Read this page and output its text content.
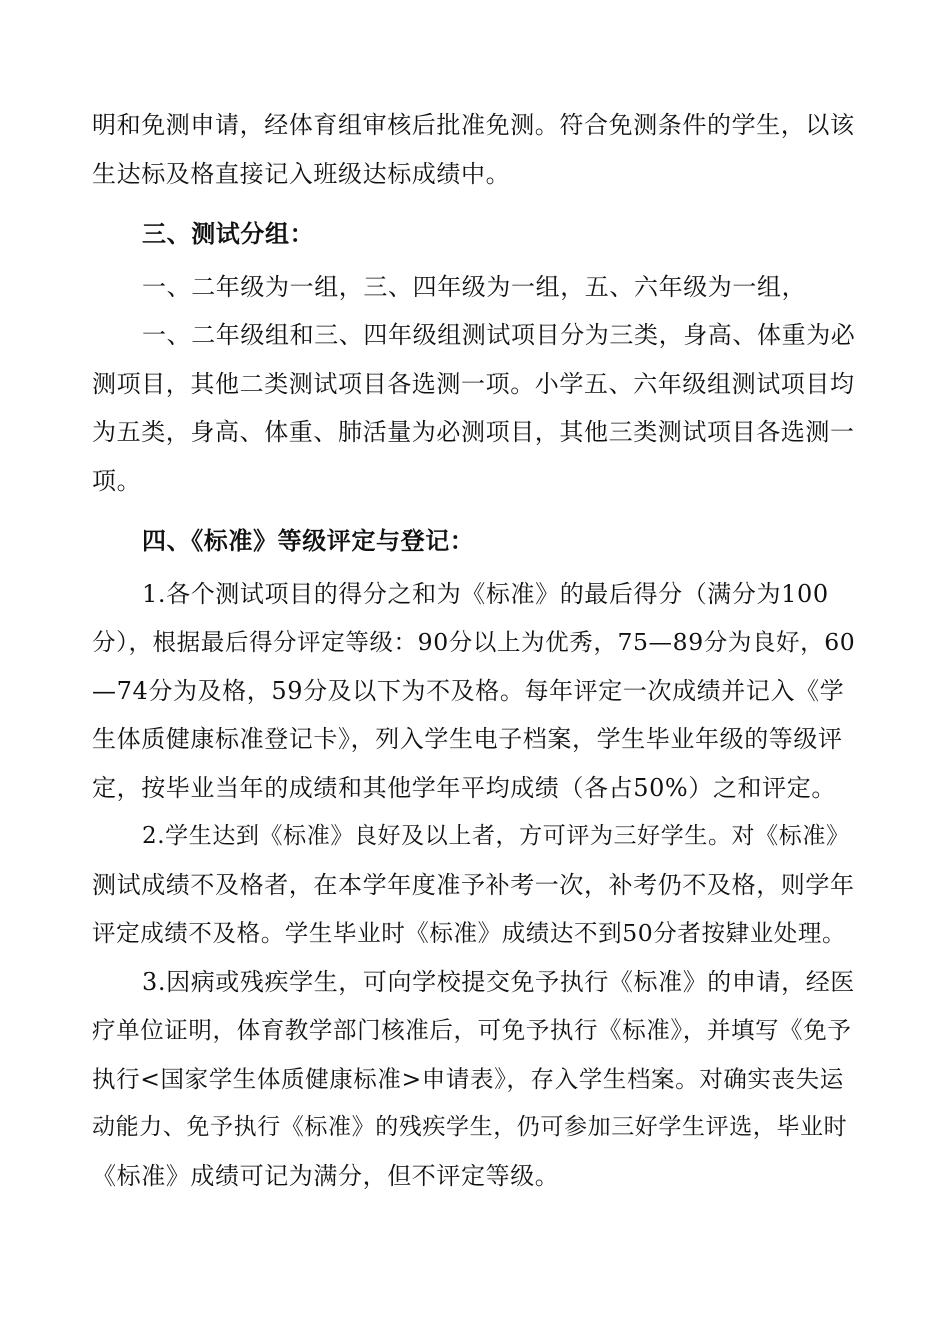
明和免测申请，经体育组审核后批准免测。符合免测条件的学生，以该
生达标及格直接记入班级达标成绩中。
三、测试分组：
一、二年级为一组，三、四年级为一组，五、六年级为一组，
一、二年级组和三、四年级组测试项目分为三类，身高、体重为必
测项目，其他二类测试项目各选测一项。小学五、六年级组测试项目均
为五类，身高、体重、肺活量为必测项目，其他三类测试项目各选测一
项。
四、《标准》等级评定与登记：
1.各个测试项目的得分之和为《标准》的最后得分（满分为100
分），根据最后得分评定等级：90分以上为优秀，75—89分为良好，60
—74分为及格，59分及以下为不及格。每年评定一次成绩并记入《学
生体质健康标准登记卡》，列入学生电子档案，学生毕业年级的等级评
定，按毕业当年的成绩和其他学年平均成绩（各占50%）之和评定。
2.学生达到《标准》良好及以上者，方可评为三好学生。对《标准》
测试成绩不及格者，在本学年度准予补考一次，补考仍不及格，则学年
评定成绩不及格。学生毕业时《标准》成绩达不到50分者按肄业处理。
3.因病或残疾学生，可向学校提交免予执行《标准》的申请，经医
疗单位证明，体育教学部门核准后，可免予执行《标准》，并填写《免予
执行<国家学生体质健康标准>申请表》，存入学生档案。对确实丧失运
动能力、免予执行《标准》的残疾学生，仍可参加三好学生评选，毕业时
《标准》成绩可记为满分，但不评定等级。
